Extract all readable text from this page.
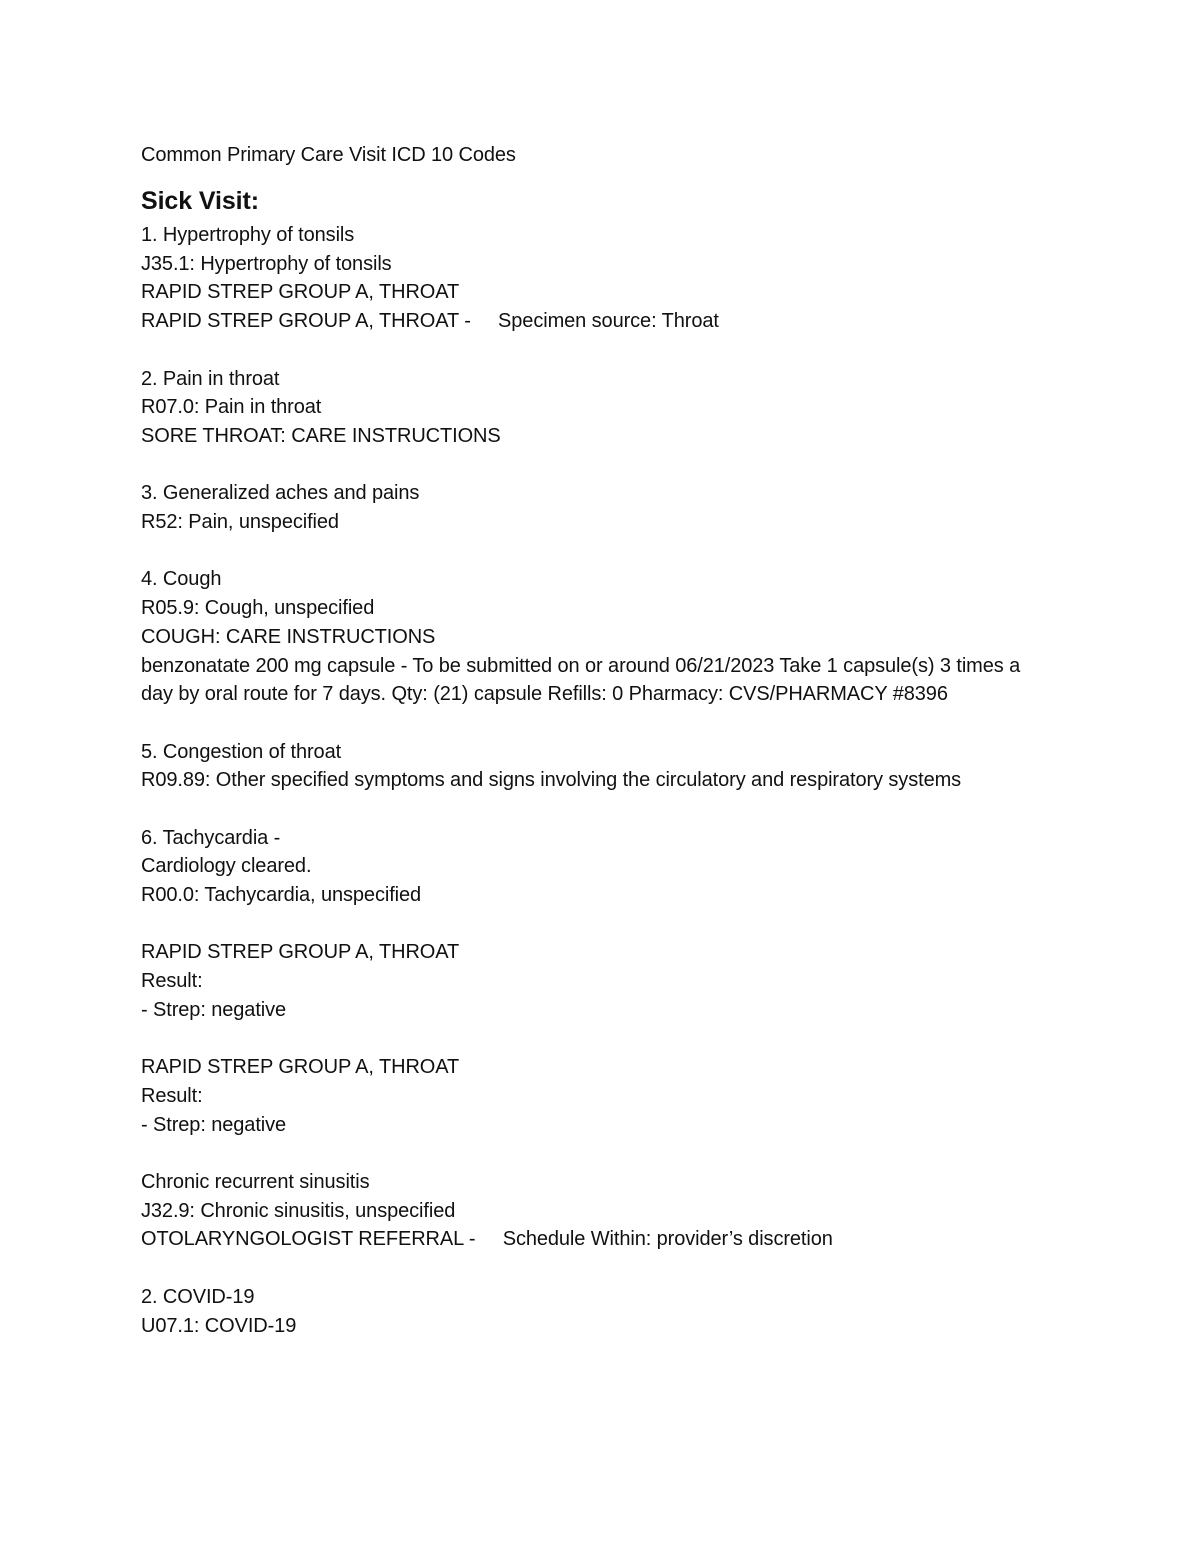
Common Primary Care Visit ICD 10 Codes

Sick Visit:

1. Hypertrophy of tonsils

J35.1: Hypertrophy of tonsils

RAPID STREP GROUP A, THROAT

RAPID STREP GROUP A, THROAT -     Specimen source: Throat

2. Pain in throat

R07.0: Pain in throat

SORE THROAT: CARE INSTRUCTIONS

3. Generalized aches and pains

R52: Pain, unspecified

4. Cough

R05.9: Cough, unspecified

COUGH: CARE INSTRUCTIONS

benzonatate 200 mg capsule - To be submitted on or around 06/21/2023 Take 1 capsule(s) 3 times a day by oral route for 7 days. Qty: (21) capsule Refills: 0 Pharmacy: CVS/PHARMACY #8396

5. Congestion of throat

R09.89: Other specified symptoms and signs involving the circulatory and respiratory systems

6. Tachycardia -

Cardiology cleared.

R00.0: Tachycardia, unspecified

RAPID STREP GROUP A, THROAT

Result:

- Strep: negative

RAPID STREP GROUP A, THROAT

Result:

- Strep: negative

Chronic recurrent sinusitis

J32.9: Chronic sinusitis, unspecified

OTOLARYNGOLOGIST REFERRAL -     Schedule Within: provider’s discretion

2. COVID-19

U07.1: COVID-19
